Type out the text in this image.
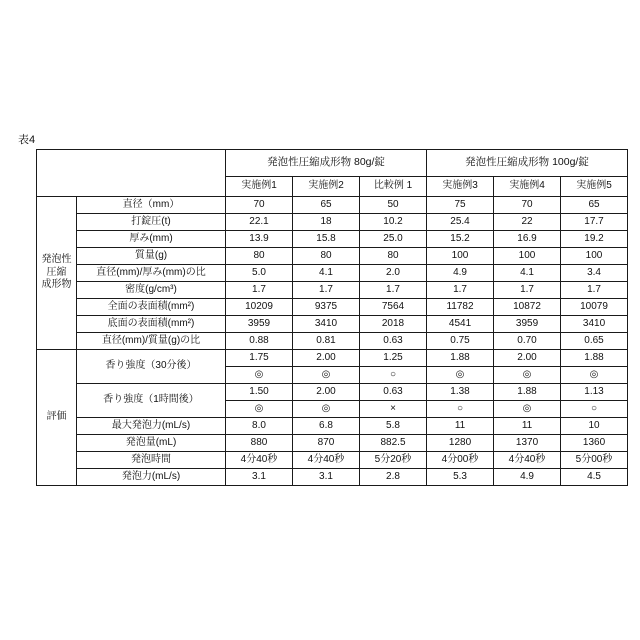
表4
		発泡性圧縮成形物 80g/錠			発泡性圧縮成形物 100g/錠		
		実施例1	実施例2	比較例 1	実施例3	実施例4	実施例5
発泡性圧縮
成形物	直径（mm）	70	65	50	75	70	65
	打錠圧(t)	22.1	18	10.2	25.4	22	17.7
	厚み(mm)	13.9	15.8	25.0	15.2	16.9	19.2
	質量(g)	80	80	80	100	100	100
	直径(mm)/厚み(mm)の比	5.0	4.1	2.0	4.9	4.1	3.4
	密度(g/cm³)	1.7	1.7	1.7	1.7	1.7	1.7
	全面の表面積(mm²)	10209	9375	7564	11782	10872	10079
	底面の表面積(mm²)	3959	3410	2018	4541	3959	3410
	直径(mm)/質量(g)の比	0.88	0.81	0.63	0.75	0.70	0.65
評価	香り強度（30分後）	1.75	2.00	1.25	1.88	2.00	1.88
		◎	◎	○	◎	◎	◎
	香り強度（1時間後）	1.50	2.00	0.63	1.38	1.88	1.13
		◎	◎	×	○	◎	○
	最大発泡力(mL/s)	8.0	6.8	5.8	11	11	10
	発泡量(mL)	880	870	882.5	1280	1370	1360
	発泡時間	4分40秒	4分40秒	5分20秒	4分00秒	4分40秒	5分00秒
	発泡力(mL/s)	3.1	3.1	2.8	5.3	4.9	4.5
